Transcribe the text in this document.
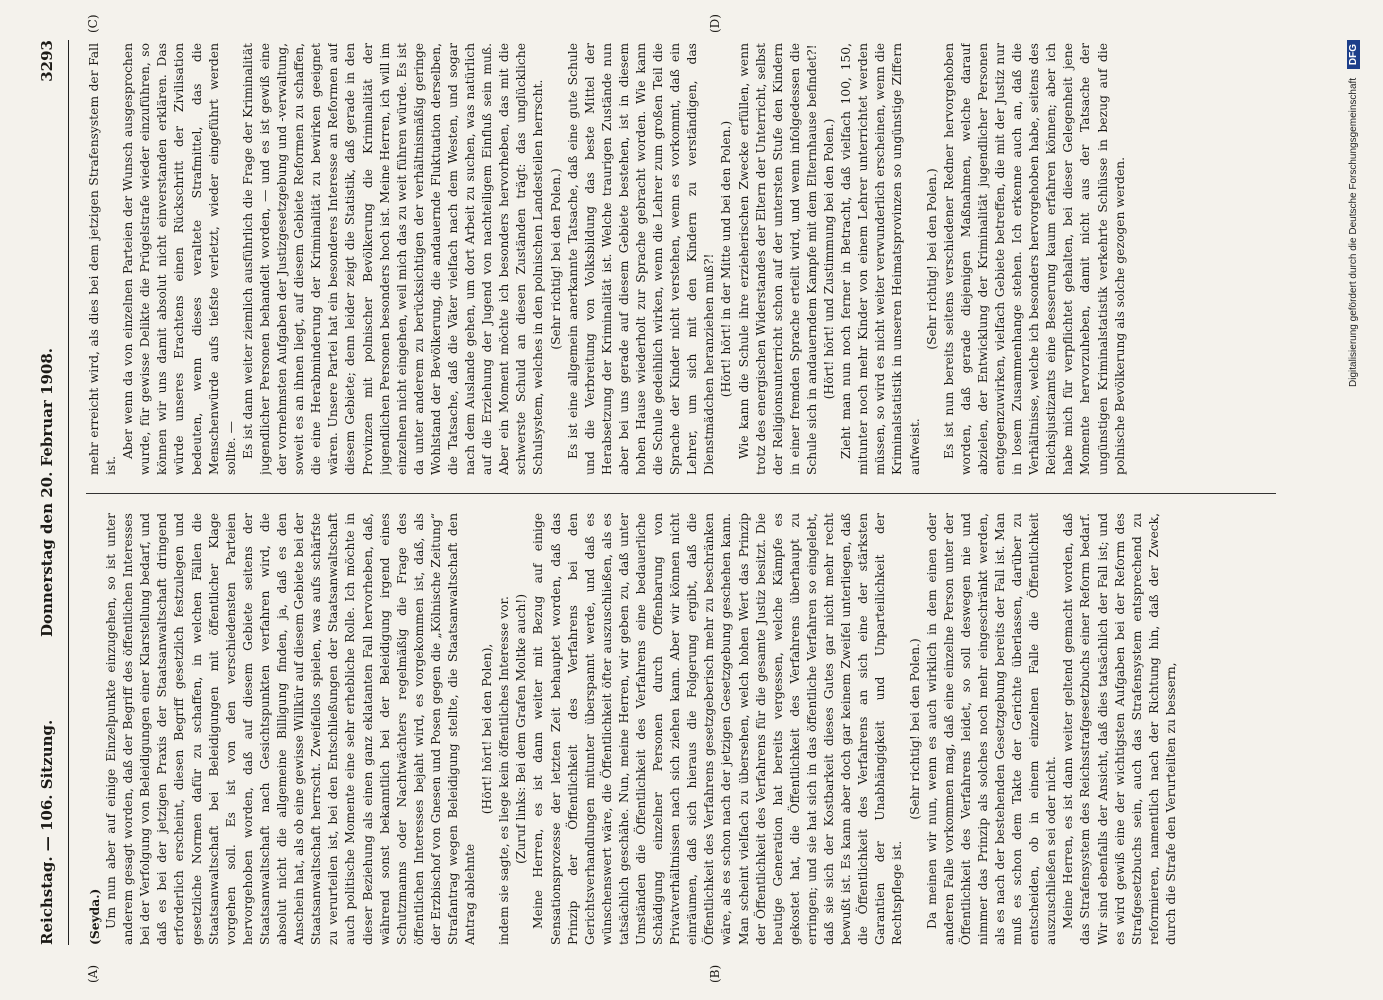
Reichstag. — 106. Sitzung.
Donnerstag den 20. Februar 1908.
3293
(A)	(B)
(C)	(D)

(Seyda.) Um nun aber auf einige Einzelpunkte einzugehen, so ist unter anderem gesagt worden, daß der Begriff des öffentlichen Interesses bei der Verfolgung von Beleidigungen einer Klarstellung bedarf, und daß es bei der jetzigen Praxis der Staatsanwaltschaft dringend erforderlich erscheint, diesen Begriff gesetzlich festzulegen und gesetzliche Normen dafür zu schaffen, in welchen Fällen die Staatsanwaltschaft bei Beleidigungen mit öffentlicher Klage vorgehen soll. Es ist von den verschiedensten Parteien hervorgehoben worden, daß auf diesem Gebiete seitens der Staatsanwaltschaft nach Gesichtspunkten verfahren wird, die absolut nicht die allgemeine Billigung finden, ja, daß es den Anschein hat, als ob eine gewisse Willkür auf diesem Gebiete bei der Staatsanwaltschaft herrscht. Zweifellos spielen, was aufs schärfste zu verurteilen ist, bei den Entschließungen der Staatsanwaltschaft auch politische Momente eine sehr erhebliche Rolle. Ich möchte in dieser Beziehung als einen ganz eklatanten Fall hervorheben, daß, während sonst bekanntlich bei der Beleidigung irgend eines Schutzmanns oder Nachtwächters regelmäßig die Frage des öffentlichen Interesses bejaht wird, es vorgekommen ist, daß, als der Erzbischof von Gnesen und Posen gegen die „Kölnische Zeitung“ Strafantrag wegen Beleidigung stellte, die Staatsanwaltschaft den Antrag ablehnte

(Hört! hört! bei den Polen), indem sie sagte, es liege kein öffentliches Interesse vor. (Zuruf links: Bei dem Grafen Moltke auch!) Meine Herren, es ist dann weiter mit Bezug auf einige Sensationsprozesse der letzten Zeit behauptet worden, daß das Prinzip der Öffentlichkeit des Verfahrens bei den Gerichtsverhandlungen mitunter überspannt werde, und daß es wünschenswert wäre, die Öffentlichkeit öfter auszuschließen, als es tatsächlich geschähe. Nun, meine Herren, wir geben zu, daß unter Umständen die Öffentlichkeit des Verfahrens eine bedauerliche Schädigung einzelner Personen durch Offenbarung von Privatverhältnissen nach sich ziehen kann. Aber wir können nicht einräumen, daß sich hieraus die Folgerung ergibt, daß die Öffentlichkeit des Verfahrens gesetzgeberisch mehr zu beschränken wäre, als es schon nach der jetzigen Gesetzgebung geschehen kann. Man scheint vielfach zu übersehen, welch hohen Wert das Prinzip der Öffentlichkeit des Verfahrens für die gesamte Justiz besitzt. Die heutige Generation hat bereits vergessen, welche Kämpfe es gekostet hat, die Öffentlichkeit des Verfahrens überhaupt zu erringen; und sie hat sich in das öffentliche Verfahren so eingelebt, daß sie sich der Kostbarkeit dieses Gutes gar nicht mehr recht bewußt ist. Es kann aber doch gar keinem Zweifel unterliegen, daß die Öffentlichkeit des Verfahrens an sich eine der stärksten Garantien der Unabhängigkeit und Unparteilichkeit der Rechtspflege ist.

(Sehr richtig! bei den Polen.) Da meinen wir nun, wenn es auch wirklich in dem einen oder anderen Falle vorkommen mag, daß eine einzelne Person unter der Öffentlichkeit des Verfahrens leidet, so soll deswegen nie und nimmer das Prinzip als solches noch mehr eingeschränkt werden, als es nach der bestehenden Gesetzgebung bereits der Fall ist. Man muß es schon dem Takte der Gerichte überlassen, darüber zu entscheiden, ob in einem einzelnen Falle die Öffentlichkeit auszuschließen sei oder nicht. Meine Herren, es ist dann weiter geltend gemacht worden, daß das Strafensystem des Reichsstrafgesetzbuchs einer Reform bedarf. Wir sind ebenfalls der Ansicht, daß dies tatsächlich der Fall ist; und es wird gewiß eine der wichtigsten Aufgaben bei der Reform des Strafgesetzbuchs sein, auch das Strafensystem entsprechend zu reformieren, namentlich nach der Richtung hin, daß der Zweck, durch die Strafe den Verurteilten zu bessern,

mehr erreicht wird, als dies bei dem jetzigen Strafensystem der Fall ist.

Aber wenn da von einzelnen Parteien der Wunsch ausgesprochen wurde, für gewisse Delikte die Prügelstrafe wieder einzuführen, so können wir uns damit absolut nicht einverstanden erklären. Das würde unseres Erachtens einen Rückschritt der Zivilisation bedeuten, wenn dieses veraltete Strafmittel, das die Menschenwürde aufs tiefste verletzt, wieder eingeführt werden sollte. — Es ist dann weiter ziemlich ausführlich die Frage der Kriminalität jugendlicher Personen behandelt worden, — und es ist gewiß eine der vornehmsten Aufgaben der Justizgesetzgebung und -verwaltung, soweit es an ihnen liegt, auf diesem Gebiete Reformen zu schaffen, die eine Herabminderung der Kriminalität zu bewirken geeignet wären. Unsere Partei hat ein besonderes Interesse an Reformen auf diesem Gebiete; denn leider zeigt die Statistik, daß gerade in den Provinzen mit polnischer Bevölkerung die Kriminalität der jugendlichen Personen besonders hoch ist. Meine Herren, ich will im einzelnen nicht eingehen, weil mich das zu weit führen würde. Es ist da unter anderem zu berücksichtigen der verhältnismäßig geringe Wohlstand der Bevölkerung, die andauernde Fluktuation derselben, die Tatsache, daß die Väter vielfach nach dem Westen, und sogar nach dem Auslande gehen, um dort Arbeit zu suchen, was natürlich auf die Erziehung der Jugend von nachteiligem Einfluß sein muß. Aber ein Moment möchte ich besonders hervorheben, das mit die schwerste Schuld an diesen Zuständen trägt: das unglückliche Schulsystem, welches in den polnischen Landesteilen herrscht. (Sehr richtig! bei den Polen.) Es ist eine allgemein anerkannte Tatsache, daß eine gute Schule und die Verbreitung von Volksbildung das beste Mittel der Herabsetzung der Kriminalität ist. Welche traurigen Zustände nun aber bei uns gerade auf diesem Gebiete bestehen, ist in diesem hohen Hause wiederholt zur Sprache gebracht worden. Wie kann die Schule gedeihlich wirken, wenn die Lehrer zum großen Teil die Sprache der Kinder nicht verstehen, wenn es vorkommt, daß ein Lehrer, um sich mit den Kindern zu verständigen, das Dienstmädchen heranziehen muß?! (Hört! hört! in der Mitte und bei den Polen.) Wie kann die Schule ihre erzieherischen Zwecke erfüllen, wenn trotz des energischen Widerstandes der Eltern der Unterricht, selbst der Religionsunterricht schon auf der untersten Stufe den Kindern in einer fremden Sprache erteilt wird, und wenn infolgedessen die Schule sich in andauerndem Kampfe mit dem Elternhause befindet?! (Hört! hört! und Zustimmung bei den Polen.) Zieht man nun noch ferner in Betracht, daß vielfach 100, 150, mitunter noch mehr Kinder von einem Lehrer unterrichtet werden müssen, so wird es nicht weiter verwunderlich erscheinen, wenn die Kriminalstatistik in unseren Heimatsprovinzen so ungünstige Ziffern aufweist.

(Sehr richtig! bei den Polen.) Es ist nun bereits seitens verschiedener Redner hervorgehoben worden, daß gerade diejenigen Maßnahmen, welche darauf abzielen, der Entwicklung der Kriminalität jugendlicher Personen entgegenzuwirken, vielfach Gebiete betreffen, die mit der Justiz nur in losem Zusammenhange stehen. Ich erkenne auch an, daß die Verhältnisse, welche ich besonders hervorgehoben habe, seitens des Reichsjustizamts eine Besserung kaum erfahren können; aber ich habe mich für verpflichtet gehalten, bei dieser Gelegenheit jene Momente hervorzuheben, damit nicht aus der Tatsache der ungünstigen Kriminalstatistik verkehrte Schlüsse in bezug auf die polnische Bevölkerung als solche gezogen werden.	Digitalisierung gefördert durch die Deutsche Forschungsgemeinschaft DFG
